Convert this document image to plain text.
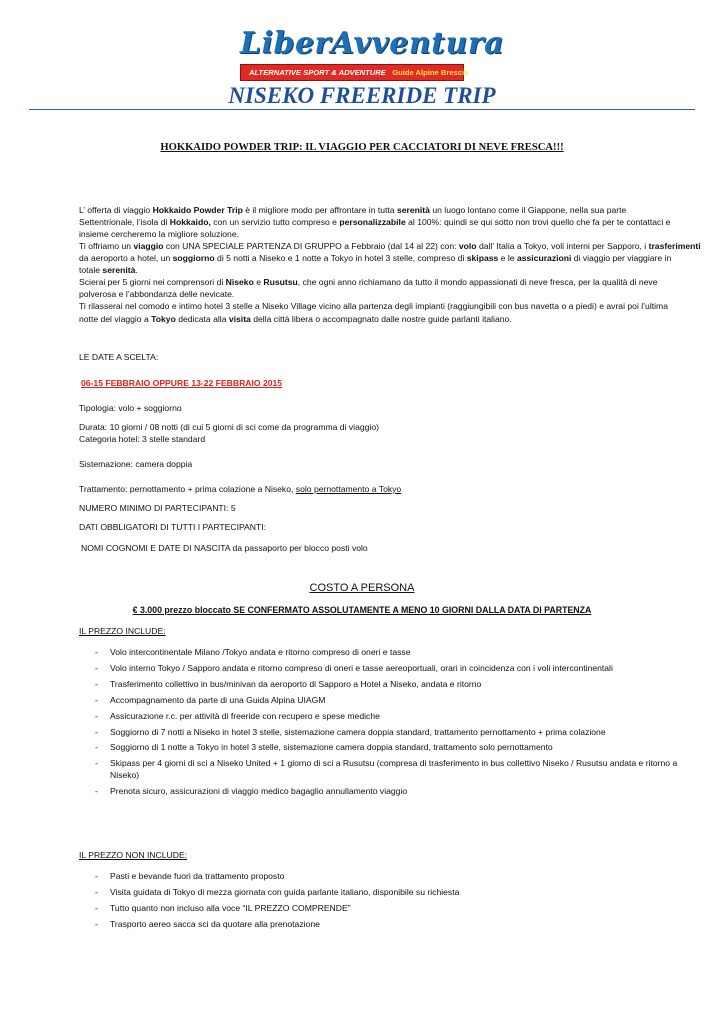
LiberAvventura
ALTERNATIVE SPORT & ADVENTURE Guide Alpine Brescia
NISEKO FREERIDE TRIP
HOKKAIDO POWDER TRIP: IL VIAGGIO PER CACCIATORI DI NEVE FRESCA!!!
L’ offerta di viaggio Hokkaido Powder Trip è il migliore modo per affrontare in tutta serenità un luogo lontano come il Giappone, nella sua parte
Settentrionale, l’isola di Hokkaido, con un servizio tutto compreso e personalizzabile al 100%: quindi se qui sotto non trovi quello che fa per te contattaci e
insieme cercheremo la migliore soluzione.
Ti offriamo un viaggio con UNA SPECIALE PARTENZA DI GRUPPO a Febbraio (dal 14 al 22) con: volo dall' Italia a Tokyo, voli interni per Sapporo, i trasferimenti
da aeroporto a hotel, un soggiorno di 5 notti a Niseko e 1 notte a Tokyo in hotel 3 stelle, compreso di skipass e le assicurazioni di viaggio per viaggiare in
totale serenità.
Scierai per 5 giorni nei comprensori di Niseko e Rusutsu, che ogni anno richiamano da tutto il mondo appassionati di neve fresca, per la qualità di neve
polverosa e l’abbondanza delle nevicate.
Ti rilasserai nel comodo e intimo hotel 3 stelle a Niseko Village vicino alla partenza degli impianti (raggiungibili con bus navetta o a piedi) e avrai poi l’ultima
notte del viaggio a Tokyo dedicata alla visita della città libera o accompagnato dalle nostre guide parlanti italiano.
LE DATE A SCELTA:
06-15 FEBBRAIO OPPURE 13-22 FEBBRAIO 2015
Tipologia: volo + soggiorno
Durata: 10 giorni / 08 notti (di cui 5 giorni di sci come da programma di viaggio)
Categoria hotel: 3 stelle standard
Sistemazione: camera doppia
Trattamento: pernottamento + prima colazione a Niseko, solo pernottamento a Tokyo
NUMERO MINIMO DI PARTECIPANTI: 5
DATI OBBLIGATORI DI TUTTI I PARTECIPANTI:
NOMI COGNOMI E DATE DI NASCITA da passaporto per blocco posti volo
COSTO A PERSONA
€ 3.000 prezzo bloccato SE CONFERMATO ASSOLUTAMENTE A MENO 10 GIORNI DALLA DATA DI PARTENZA
IL PREZZO INCLUDE:
- Volo intercontinentale Milano /Tokyo andata e ritorno compreso di oneri e tasse
- Volo interno Tokyo / Sapporo andata e ritorno compreso di oneri e tasse aereoportuali, orari in coincidenza con i voli intercontinentali
- Trasferimento collettivo in bus/minivan da aeroporto di Sapporo a Hotel a Niseko, andata e ritorno
- Accompagnamento da parte di una Guida Alpina UIAGM
- Assicurazione r.c. per attività di freeride con recupero e spese mediche
- Soggiorno di 7 notti a Niseko in hotel 3 stelle, sistemazione camera doppia standard, trattamento pernottamento + prima colazione
- Soggiorno di 1 notte a Tokyo in hotel 3 stelle, sistemazione camera doppia standard, trattamento solo pernottamento
- Skipass per 4 giorni di sci a Niseko United + 1 giorno di sci a Rusutsu (compresa di trasferimento in bus collettivo Niseko / Rusutsu andata e ritorno a
Niseko)
- Prenota sicuro, assicurazioni di viaggio medico bagaglio annullamento viaggio
IL PREZZO NON INCLUDE:
- Pasti e bevande fuori da trattamento proposto
- Visita guidata di Tokyo di mezza giornata con guida parlante italiano, disponibile su richiesta
- Tutto quanto non incluso alla voce “IL PREZZO COMPRENDE”
- Trasporto aereo sacca sci da quotare alla prenotazione
